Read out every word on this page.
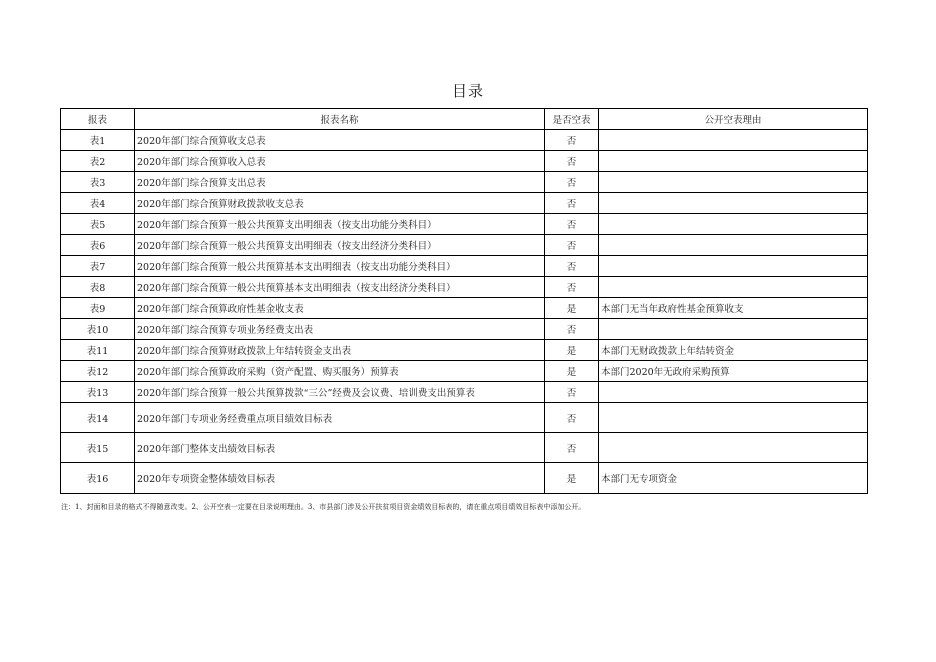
目录
报表	报表名称	是否空表	公开空表理由
表1	2020年部门综合预算收支总表	否	
表2	2020年部门综合预算收入总表	否	
表3	2020年部门综合预算支出总表	否	
表4	2020年部门综合预算财政拨款收支总表	否	
表5	2020年部门综合预算一般公共预算支出明细表（按支出功能分类科目）	否	
表6	2020年部门综合预算一般公共预算支出明细表（按支出经济分类科目）	否	
表7	2020年部门综合预算一般公共预算基本支出明细表（按支出功能分类科目）	否	
表8	2020年部门综合预算一般公共预算基本支出明细表（按支出经济分类科目）	否	
表9	2020年部门综合预算政府性基金收支表	是	本部门无当年政府性基金预算收支
表10	2020年部门综合预算专项业务经费支出表	否	
表11	2020年部门综合预算财政拨款上年结转资金支出表	是	本部门无财政拨款上年结转资金
表12	2020年部门综合预算政府采购（资产配置、购买服务）预算表	是	本部门2020年无政府采购预算
表13	2020年部门综合预算一般公共预算拨款“三公”经费及会议费、培训费支出预算表	否	
表14	2020年部门专项业务经费重点项目绩效目标表	否	
表15	2020年部门整体支出绩效目标表	否	
表16	2020年专项资金整体绩效目标表	是	本部门无专项资金
注：1、封面和目录的格式不得随意改变。2、公开空表一定要在目录说明理由。3、市县部门涉及公开扶贫项目资金绩效目标表的，请在重点项目绩效目标表中添加公开。
